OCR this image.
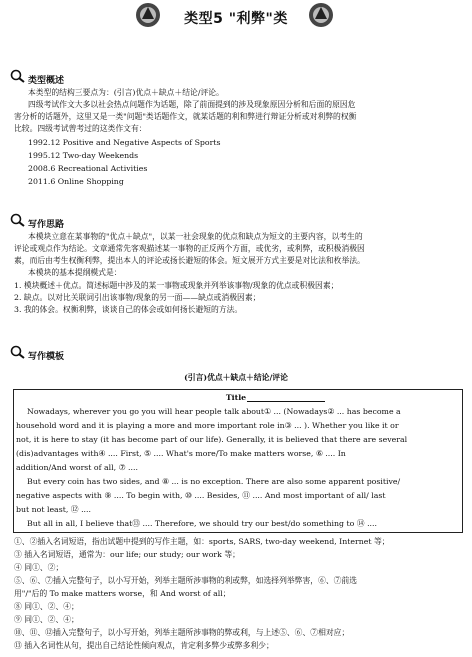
类型5 "利弊"类
类型概述
本类型的结构三要点为：(引言)优点＋缺点＋结论/评论。
四级考试作文大多以社会热点问题作为话题，除了前面提到的涉及现象原因分析和后面的原因危
害分析的话题外，这里又是一类"问题"类话题作文，就某话题的利和弊进行辩证分析或对利弊的权衡
比较。四级考试曾考过的这类作文有：
1992.12 Positive and Negative Aspects of Sports
1995.12 Two-day Weekends
2008.6 Recreational Activities
2011.6 Online Shopping
写作思路
本模块立意在某事物的"优点＋缺点"，以某一社会现象的优点和缺点为短文的主要内容，以考生的
评论或观点作为结论。文章通常先客观描述某一事物的正反两个方面，或优劣，或利弊，或积极消极因
素，而后由考生权衡利弊，提出本人的评论或扬长避短的体会。短文展开方式主要是对比法和枚举法。
本模块的基本提纲模式是：
1. 模块概述＋优点。简述标题中涉及的某一事物或现象并列举该事物/现象的优点或积极因素；
2. 缺点。以对比关联词引出该事物/现象的另一面——缺点或消极因素；
3. 我的体会。权衡利弊，谈谈自己的体会或如何扬长避短的方法。
写作模板
(引言)优点＋缺点＋结论/评论
Title
Nowadays, wherever you go you will hear people talk about① ... (Nowadays② ... has become a
household word and it is playing a more and more important role in③ ... ). Whether you like it or
not, it is here to stay (it has become part of our life). Generally, it is believed that there are several
(dis)advantages with④ .... First, ⑤ .... What's more/To make matters worse, ⑥ .... In
addition/And worst of all, ⑦ ....
But every coin has two sides, and ⑧ ... is no exception. There are also some apparent positive/
negative aspects with ⑨ .... To begin with, ⑩ .... Besides, ⑪ .... And most important of all/ last
but not least, ⑫ ....
But all in all, I believe that⑬ .... Therefore, we should try our best/do something to ⑭ ....
①、②插入名词短语，指出试题中提到的写作主题，如：sports, SARS, two-day weekend, Internet 等；
③ 插入名词短语，通常为：our life; our study; our work 等；
④ 同①、②；
⑤、⑥、⑦插入完整句子，以小写开始，列举主题所涉事物的利或弊，如选择列举弊害，⑥、⑦前选
用"/"后的 To make matters worse，和 And worst of all；
⑧ 同①、②、④；
⑨ 同①、②、④；
⑩、⑪、⑫插入完整句子，以小写开始，列举主题所涉事物的弊或利，与上述⑤、⑥、⑦相对应；
⑬ 插入名词性从句，提出自己结论性倾向观点，肯定利多弊少或弊多利少；
